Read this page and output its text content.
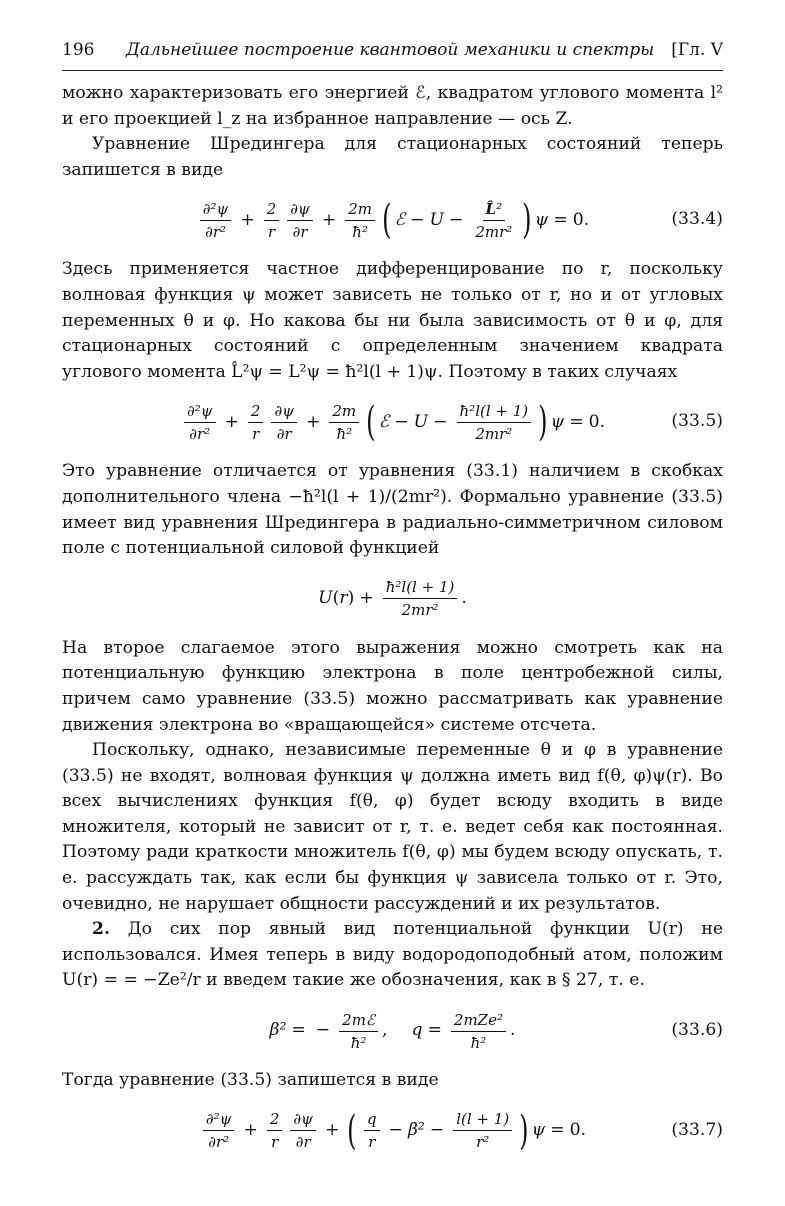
196	Дальнейшее построение квантовой механики и спектры	[Гл. V

можно характеризовать его энергией ℰ, квадратом углового момента l² и его проекцией l_z на избранное направление — ось Z.

Уравнение Шредингера для стационарных состояний теперь запишется в виде

$\frac{\text{∂²ψ}}{\text{∂r²}} + \frac{2}{r} \frac{\partial\psi}{\partial r} + \frac{2m}{\text{ħ²}}$ ( ℰ − $U - \frac{\text{L̂²}}{\text{2mr²}}$ ) ψ = 0.	(33.4)

Здесь применяется частное дифференцирование по r, поскольку волновая функция ψ может зависеть не только от r, но и от угловых переменных θ и φ. Но какова бы ни была зависимость от θ и φ, для стационарных состояний с определенным значением квадрата углового момента L̂²ψ = L²ψ = ħ²l(l + 1)ψ. Поэтому в таких случаях

$\frac{\text{∂²ψ}}{\text{∂r²}} + \frac{2}{r} \frac{\partial\psi}{\partial r} + \frac{2m}{\text{ħ²}}$ ( ℰ − $U - \frac{\text{ħ²l(l + 1)}}{\text{2mr²}}$ ) ψ = 0.	(33.5)

Это уравнение отличается от уравнения (33.1) наличием в скобках дополнительного члена −ħ²l(l + 1)/(2mr²). Формально уравнение (33.5) имеет вид уравнения Шредингера в радиально-симметричном силовом поле с потенциальной силовой функцией

U ( r ) + $\frac{\text{ħ²l(l + 1)}}{\text{2mr²}}$ .

На второе слагаемое этого выражения можно смотреть как на потенциальную функцию электрона в поле центробежной силы, причем само уравнение (33.5) можно рассматривать как уравнение движения электрона во «вращающейся» системе отсчета.

Поскольку, однако, независимые переменные θ и φ в уравнение (33.5) не входят, волновая функция ψ должна иметь вид f(θ, φ)ψ(r). Во всех вычислениях функция f(θ, φ) будет всюду входить в виде множителя, который не зависит от r, т. е. ведет себя как постоянная. Поэтому ради краткости множитель f(θ, φ) мы будем всюду опускать, т. е. рассуждать так, как если бы функция ψ зависела только от r. Это, очевидно, не нарушает общности рассуждений и их результатов.

2. До сих пор явный вид потенциальной функции U(r) не использовался. Имея теперь в виду водородоподобный атом, положим U(r) = = −Ze²/r и введем такие же обозначения, как в § 27, т. е.

β² = − $\frac{\text{2mℰ}}{\text{ħ²}}$ , $q = \frac{\text{2mZe²}}{\text{ħ²}}$ .	(33.6)

Тогда уравнение (33.5) запишется в виде

$\frac{\text{∂²ψ}}{\text{∂r²}} + \frac{2}{r} \frac{\partial\psi}{\partial r}$ + ( $\frac{q}{r} - \beta^2 - \frac{l(l + 1)}{\text{r²}}$ ) ψ = 0.	(33.7)
